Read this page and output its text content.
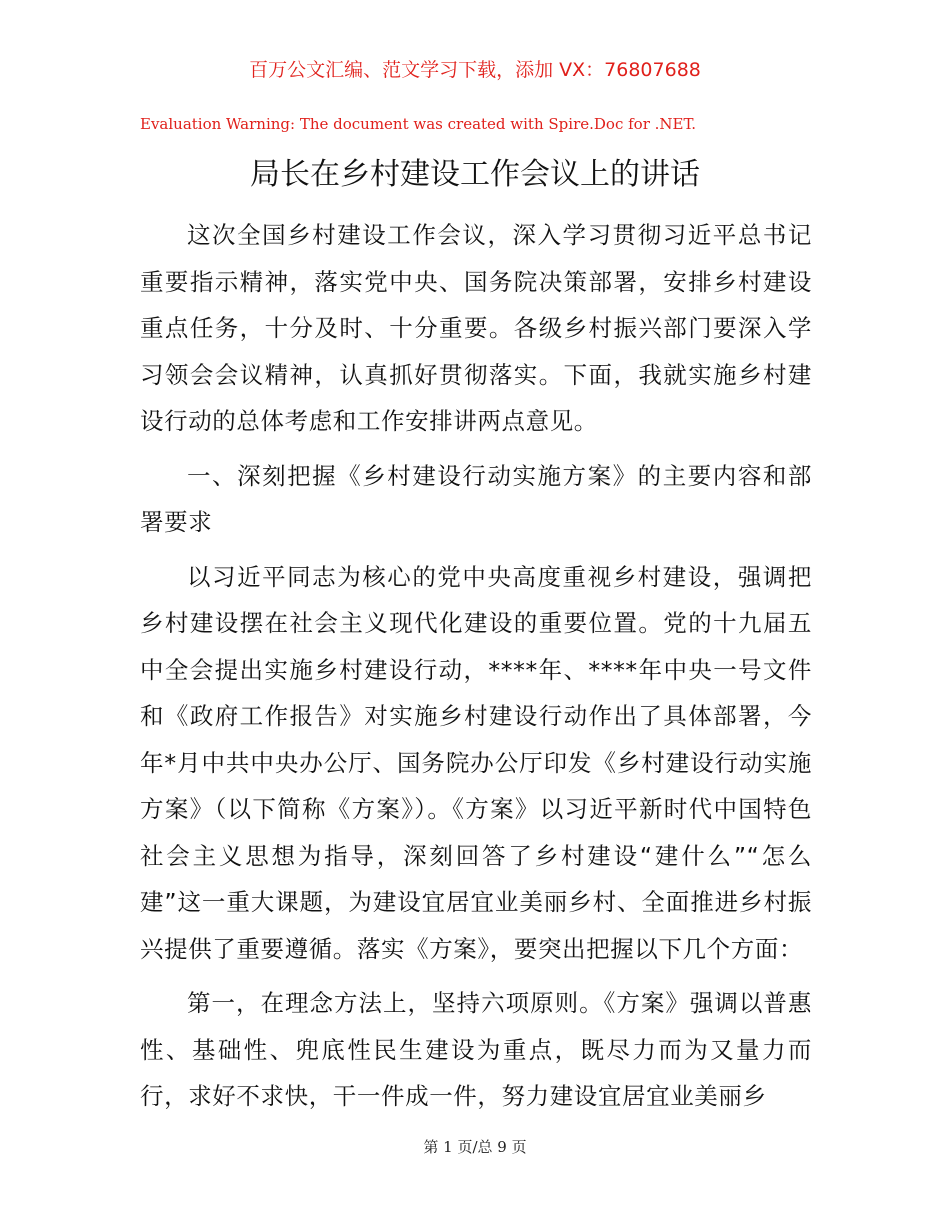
百万公文汇编、范文学习下载，添加 VX：76807688
Evaluation Warning: The document was created with Spire.Doc for .NET.
局长在乡村建设工作会议上的讲话

这次全国乡村建设工作会议，深入学习贯彻习近平总书记重要指示精神，落实党中央、国务院决策部署，安排乡村建设重点任务，十分及时、十分重要。各级乡村振兴部门要深入学习领会会议精神，认真抓好贯彻落实。下面，我就实施乡村建设行动的总体考虑和工作安排讲两点意见。

一、深刻把握《乡村建设行动实施方案》的主要内容和部署要求

以习近平同志为核心的党中央高度重视乡村建设，强调把乡村建设摆在社会主义现代化建设的重要位置。党的十九届五中全会提出实施乡村建设行动，****年、****年中央一号文件和《政府工作报告》对实施乡村建设行动作出了具体部署，今年*月中共中央办公厅、国务院办公厅印发《乡村建设行动实施方案》（以下简称《方案》）。《方案》以习近平新时代中国特色社会主义思想为指导，深刻回答了乡村建设“建什么”“怎么建”这一重大课题，为建设宜居宜业美丽乡村、全面推进乡村振兴提供了重要遵循。落实《方案》，要突出把握以下几个方面：

第一，在理念方法上，坚持六项原则。《方案》强调以普惠性、基础性、兜底性民生建设为重点，既尽力而为又量力而行，求好不求快，干一件成一件，努力建设宜居宜业美丽乡

第 1 页/总 9 页
